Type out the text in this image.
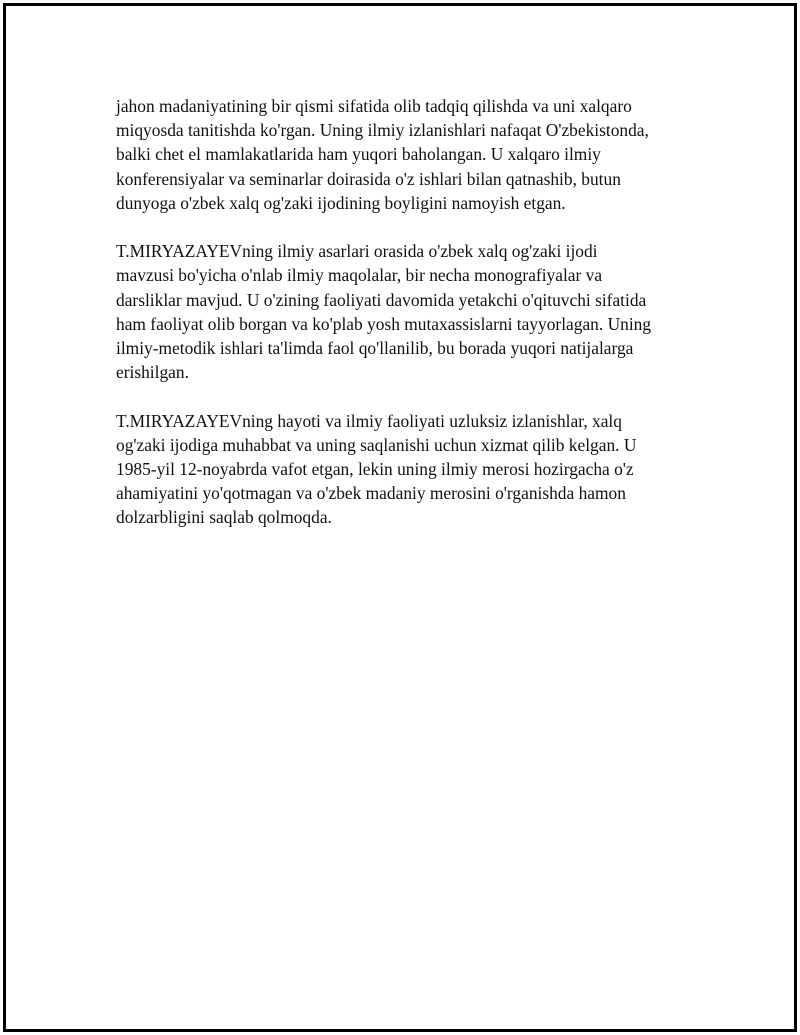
jahon madaniyatining bir qismi sifatida olib tadqiq qilishda va uni xalqaro
miqyosda tanitishda ko'rgan. Uning ilmiy izlanishlari nafaqat O'zbekistonda,
balki chet el mamlakatlarida ham yuqori baholangan. U xalqaro ilmiy
konferensiyalar va seminarlar doirasida o'z ishlari bilan qatnashib, butun
dunyoga o'zbek xalq og'zaki ijodining boyligini namoyish etgan.

T.MIRYAZAYEVning ilmiy asarlari orasida o'zbek xalq og'zaki ijodi
mavzusi bo'yicha o'nlab ilmiy maqolalar, bir necha monografiyalar va
darsliklar mavjud. U o'zining faoliyati davomida yetakchi o'qituvchi sifatida
ham faoliyat olib borgan va ko'plab yosh mutaxassislarni tayyorlagan. Uning
ilmiy-metodik ishlari ta'limda faol qo'llanilib, bu borada yuqori natijalarga
erishilgan.

T.MIRYAZAYEVning hayoti va ilmiy faoliyati uzluksiz izlanishlar, xalq
og'zaki ijodiga muhabbat va uning saqlanishi uchun xizmat qilib kelgan. U
1985-yil 12-noyabrda vafot etgan, lekin uning ilmiy merosi hozirgacha o'z
ahamiyatini yo'qotmagan va o'zbek madaniy merosini o'rganishda hamon
dolzarbligini saqlab qolmoqda.
